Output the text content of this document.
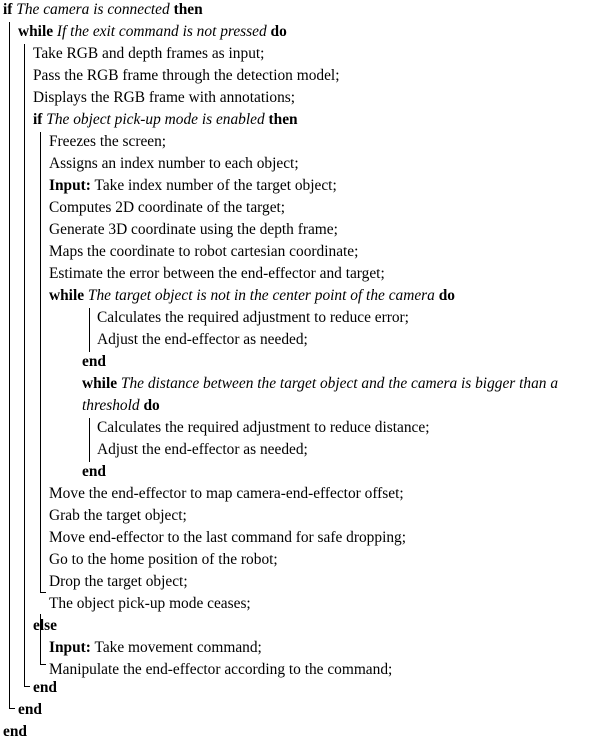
if The camera is connected then
while If the exit command is not pressed do
Take RGB and depth frames as input;
Pass the RGB frame through the detection model;
Displays the RGB frame with annotations;
if The object pick-up mode is enabled then
Freezes the screen;
Assigns an index number to each object;
Input: Take index number of the target object;
Computes 2D coordinate of the target;
Generate 3D coordinate using the depth frame;
Maps the coordinate to robot cartesian coordinate;
Estimate the error between the end-effector and target;
while The target object is not in the center point of the camera do
Calculates the required adjustment to reduce error;
Adjust the end-effector as needed;
end
while The distance between the target object and the camera is bigger than a
threshold do
Calculates the required adjustment to reduce distance;
Adjust the end-effector as needed;
end
Move the end-effector to map camera-end-effector offset;
Grab the target object;
Move end-effector to the last command for safe dropping;
Go to the home position of the robot;
Drop the target object;
The object pick-up mode ceases;
else
Input: Take movement command;
Manipulate the end-effector according to the command;
end
end
end
